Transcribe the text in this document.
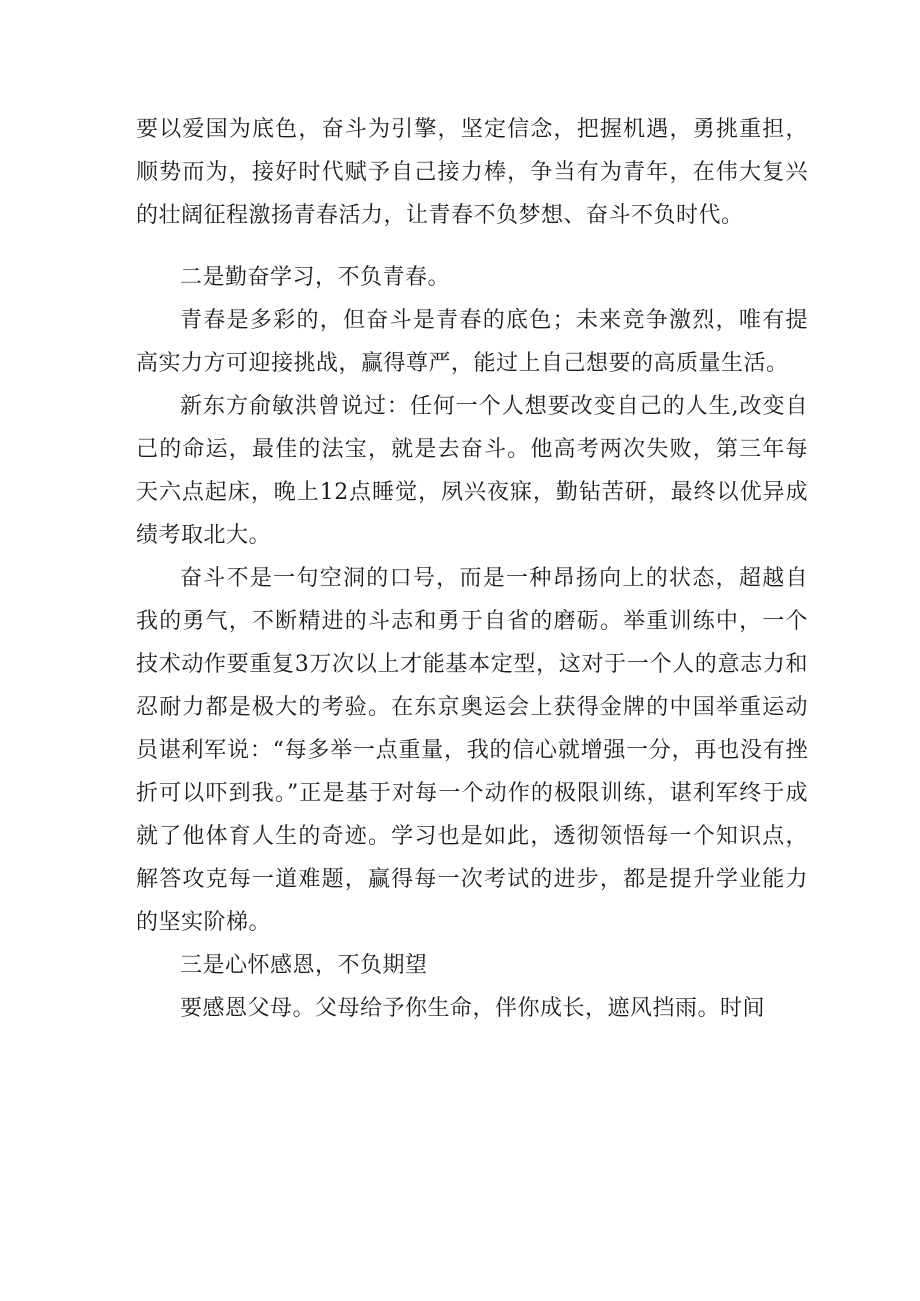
要以爱国为底色，奋斗为引擎，坚定信念，把握机遇，勇挑重担，顺势而为，接好时代赋予自己接力棒，争当有为青年，在伟大复兴的壮阔征程激扬青春活力，让青春不负梦想、奋斗不负时代。

二是勤奋学习，不负青春。

青春是多彩的，但奋斗是青春的底色；未来竞争激烈，唯有提高实力方可迎接挑战，赢得尊严，能过上自己想要的高质量生活。

新东方俞敏洪曾说过：任何一个人想要改变自己的人生,改变自己的命运，最佳的法宝，就是去奋斗。他高考两次失败，第三年每天六点起床，晚上12点睡觉，夙兴夜寐，勤钻苦研，最终以优异成绩考取北大。

奋斗不是一句空洞的口号，而是一种昂扬向上的状态，超越自我的勇气，不断精进的斗志和勇于自省的磨砺。举重训练中，一个技术动作要重复3万次以上才能基本定型，这对于一个人的意志力和忍耐力都是极大的考验。在东京奥运会上获得金牌的中国举重运动员谌利军说：“每多举一点重量，我的信心就增强一分，再也没有挫折可以吓到我。”正是基于对每一个动作的极限训练，谌利军终于成就了他体育人生的奇迹。学习也是如此，透彻领悟每一个知识点，解答攻克每一道难题，赢得每一次考试的进步，都是提升学业能力的坚实阶梯。

三是心怀感恩，不负期望

要感恩父母。父母给予你生命，伴你成长，遮风挡雨。时间
